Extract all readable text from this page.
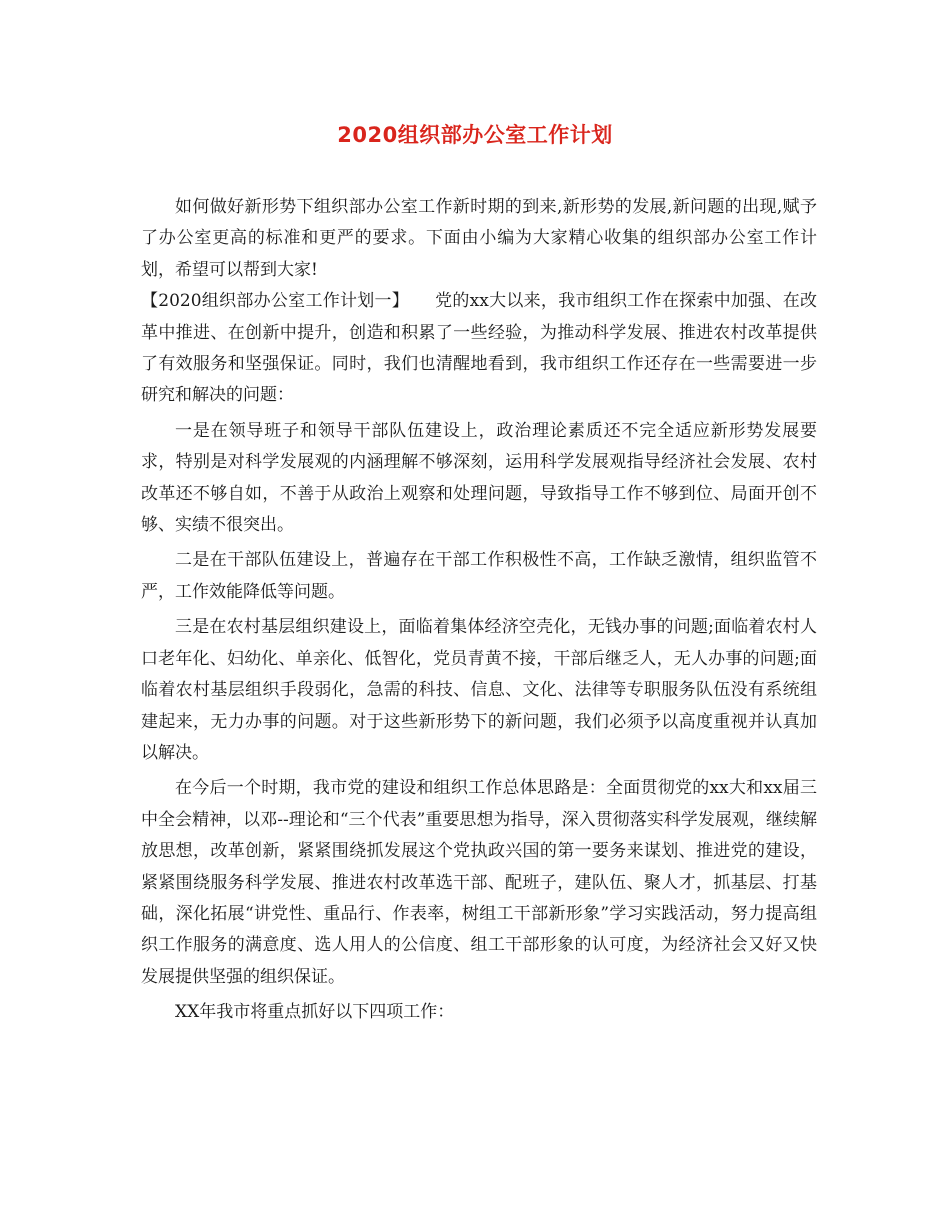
2020组织部办公室工作计划

如何做好新形势下组织部办公室工作新时期的到来,新形势的发展,新问题的出现,赋予了办公室更高的标准和更严的要求。下面由小编为大家精心收集的组织部办公室工作计划，希望可以帮到大家!

【2020组织部办公室工作计划一】　　党的xx大以来，我市组织工作在探索中加强、在改革中推进、在创新中提升，创造和积累了一些经验，为推动科学发展、推进农村改革提供了有效服务和坚强保证。同时，我们也清醒地看到，我市组织工作还存在一些需要进一步研究和解决的问题：

一是在领导班子和领导干部队伍建设上，政治理论素质还不完全适应新形势发展要求，特别是对科学发展观的内涵理解不够深刻，运用科学发展观指导经济社会发展、农村改革还不够自如，不善于从政治上观察和处理问题，导致指导工作不够到位、局面开创不够、实绩不很突出。

二是在干部队伍建设上，普遍存在干部工作积极性不高，工作缺乏激情，组织监管不严，工作效能降低等问题。

三是在农村基层组织建设上，面临着集体经济空壳化，无钱办事的问题;面临着农村人口老年化、妇幼化、单亲化、低智化，党员青黄不接，干部后继乏人，无人办事的问题;面临着农村基层组织手段弱化，急需的科技、信息、文化、法律等专职服务队伍没有系统组建起来，无力办事的问题。对于这些新形势下的新问题，我们必须予以高度重视并认真加以解决。

在今后一个时期，我市党的建设和组织工作总体思路是：全面贯彻党的xx大和xx届三中全会精神，以邓--理论和“三个代表”重要思想为指导，深入贯彻落实科学发展观，继续解放思想，改革创新，紧紧围绕抓发展这个党执政兴国的第一要务来谋划、推进党的建设，紧紧围绕服务科学发展、推进农村改革选干部、配班子，建队伍、聚人才，抓基层、打基础，深化拓展“讲党性、重品行、作表率，树组工干部新形象”学习实践活动，努力提高组织工作服务的满意度、选人用人的公信度、组工干部形象的认可度，为经济社会又好又快发展提供坚强的组织保证。

XX年我市将重点抓好以下四项工作：
